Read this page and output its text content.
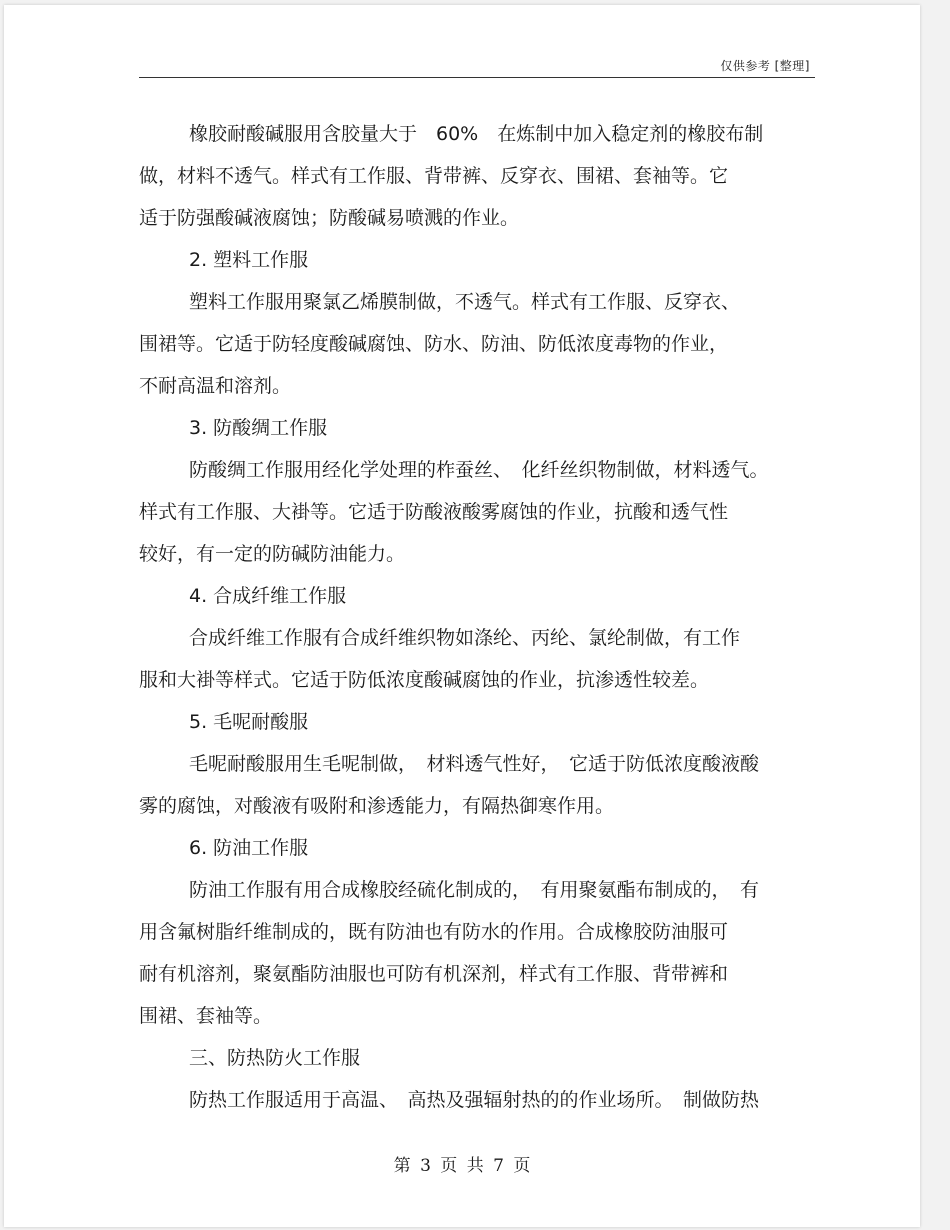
仅供参考 [整理]
橡胶耐酸碱服用含胶量大于　60%　在炼制中加入稳定剂的橡胶布制
做，材料不透气。样式有工作服、背带裤、反穿衣、围裙、套袖等。它
适于防强酸碱液腐蚀；防酸碱易喷溅的作业。
2. 塑料工作服
塑料工作服用聚氯乙烯膜制做，不透气。样式有工作服、反穿衣、
围裙等。它适于防轻度酸碱腐蚀、防水、防油、防低浓度毒物的作业，
不耐高温和溶剂。
3. 防酸绸工作服
防酸绸工作服用经化学处理的柞蚕丝、　化纤丝织物制做，材料透气。
样式有工作服、大褂等。它适于防酸液酸雾腐蚀的作业，抗酸和透气性
较好，有一定的防碱防油能力。
4. 合成纤维工作服
合成纤维工作服有合成纤维织物如涤纶、丙纶、氯纶制做，有工作
服和大褂等样式。它适于防低浓度酸碱腐蚀的作业，抗渗透性较差。
5. 毛呢耐酸服
毛呢耐酸服用生毛呢制做，　材料透气性好，　它适于防低浓度酸液酸
雾的腐蚀，对酸液有吸附和渗透能力，有隔热御寒作用。
6. 防油工作服
防油工作服有用合成橡胶经硫化制成的，　有用聚氨酯布制成的，　有
用含氟树脂纤维制成的，既有防油也有防水的作用。合成橡胶防油服可
耐有机溶剂，聚氨酯防油服也可防有机深剂，样式有工作服、背带裤和
围裙、套袖等。
三、防热防火工作服
防热工作服适用于高温、　高热及强辐射热的的作业场所。　制做防热
第 3 页 共 7 页
